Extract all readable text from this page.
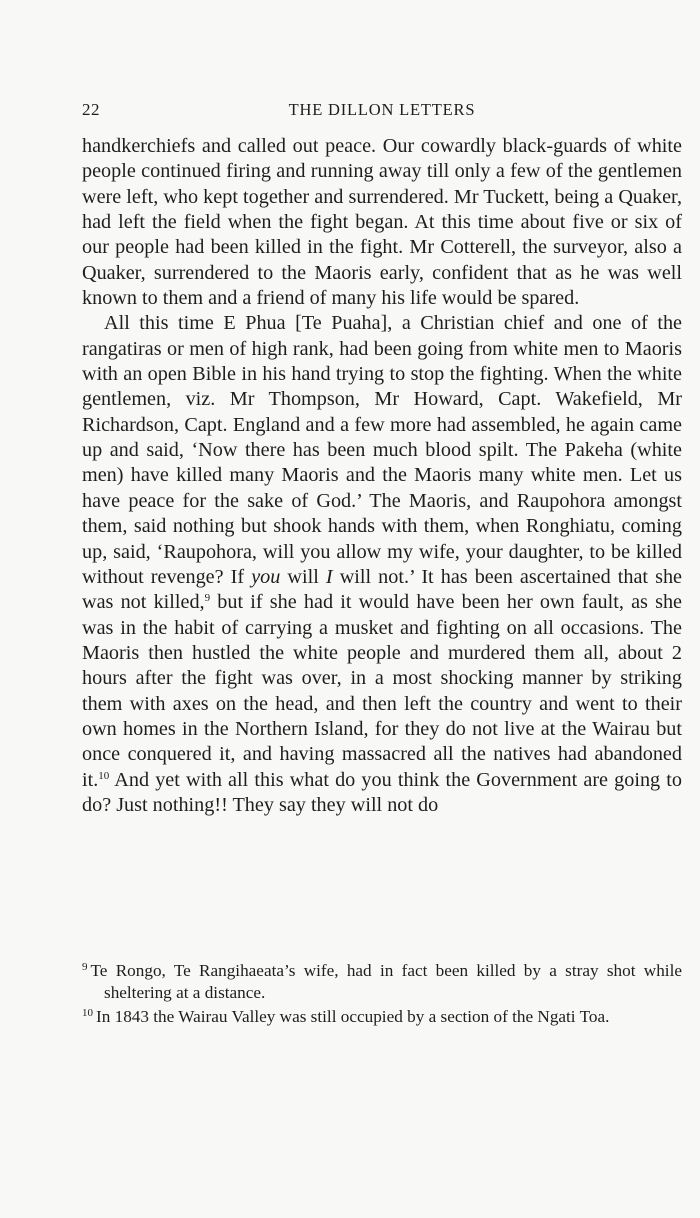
22	THE DILLON LETTERS

handkerchiefs and called out peace. Our cowardly black-guards of white people continued firing and running away till only a few of the gentlemen were left, who kept together and surrendered. Mr Tuckett, being a Quaker, had left the field when the fight began. At this time about five or six of our people had been killed in the fight. Mr Cotterell, the surveyor, also a Quaker, surrendered to the Maoris early, confident that as he was well known to them and a friend of many his life would be spared.

All this time E Phua [Te Puaha], a Christian chief and one of the rangatiras or men of high rank, had been going from white men to Maoris with an open Bible in his hand trying to stop the fighting. When the white gentlemen, viz. Mr Thompson, Mr Howard, Capt. Wakefield, Mr Richardson, Capt. England and a few more had assembled, he again came up and said, ‘Now there has been much blood spilt. The Pakeha (white men) have killed many Maoris and the Maoris many white men. Let us have peace for the sake of God.’ The Maoris, and Raupohora amongst them, said nothing but shook hands with them, when Ronghiatu, coming up, said, ‘Raupohora, will you allow my wife, your daughter, to be killed without revenge? If you will I will not.’ It has been ascertained that she was not killed,$^9$ but if she had it would have been her own fault, as she was in the habit of carrying a musket and fighting on all occasions. The Maoris then hustled the white people and murdered them all, about 2 hours after the fight was over, in a most shocking manner by striking them with axes on the head, and then left the country and went to their own homes in the Northern Island, for they do not live at the Wairau but once conquered it, and having massacred all the natives had abandoned it.$^{10}$ And yet with all this what do you think the Government are going to do? Just nothing!! They say they will not do

$^9$ Te Rongo, Te Rangihaeata’s wife, had in fact been killed by a stray shot while sheltering at a distance.

$^{10}$ In 1843 the Wairau Valley was still occupied by a section of the Ngati Toa.
